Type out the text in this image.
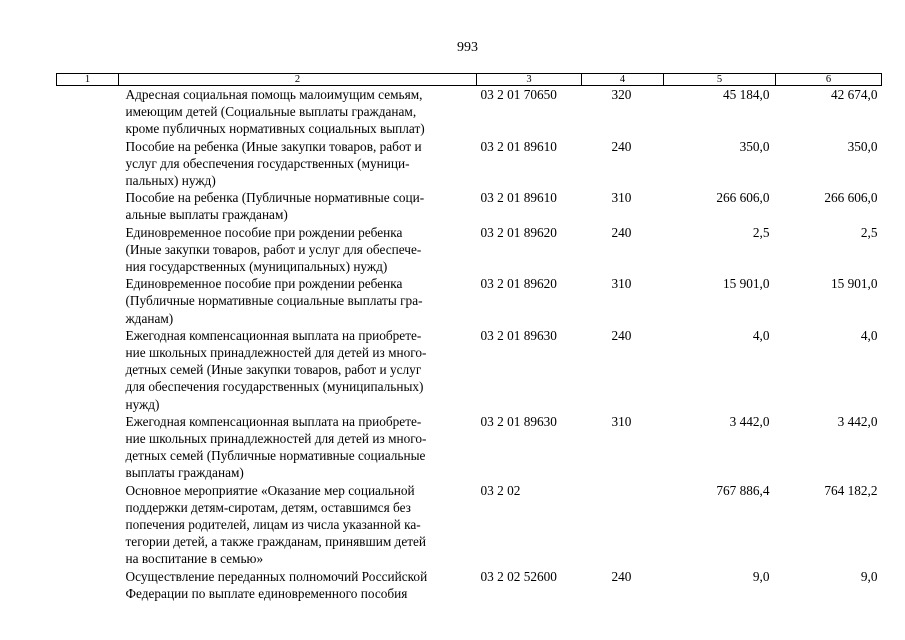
993
1	2	3	4	5	6

	Адресная социальная помощь малоимущим семьям,
имеющим детей (Социальные выплаты гражданам,
кроме публичных нормативных социальных выплат)	03 2 01 70650	320	45 184,0	42 674,0

	Пособие на ребенка (Иные закупки товаров, работ и
услуг для обеспечения государственных (муници-
пальных) нужд)	03 2 01 89610	240	350,0	350,0

	Пособие на ребенка (Публичные нормативные соци-
альные выплаты гражданам)	03 2 01 89610	310	266 606,0	266 606,0

	Единовременное пособие при рождении ребенка
(Иные закупки товаров, работ и услуг для обеспече-
ния государственных (муниципальных) нужд)	03 2 01 89620	240	2,5	2,5

	Единовременное пособие при рождении ребенка
(Публичные нормативные социальные выплаты гра-
жданам)	03 2 01 89620	310	15 901,0	15 901,0

	Ежегодная компенсационная выплата на приобрете-
ние школьных принадлежностей для детей из много-
детных семей (Иные закупки товаров, работ и услуг
для обеспечения государственных (муниципальных)
нужд)	03 2 01 89630	240	4,0	4,0

	Ежегодная компенсационная выплата на приобрете-
ние школьных принадлежностей для детей из много-
детных семей (Публичные нормативные социальные
выплаты гражданам)	03 2 01 89630	310	3 442,0	3 442,0

	Основное мероприятие «Оказание мер социальной
поддержки детям-сиротам, детям, оставшимся без
попечения родителей, лицам из числа указанной ка-
тегории детей, а также гражданам, принявшим детей
на воспитание в семью»	03 2 02		767 886,4	764 182,2

	Осуществление переданных полномочий Российской
Федерации по выплате единовременного пособия	03 2 02 52600	240	9,0	9,0
